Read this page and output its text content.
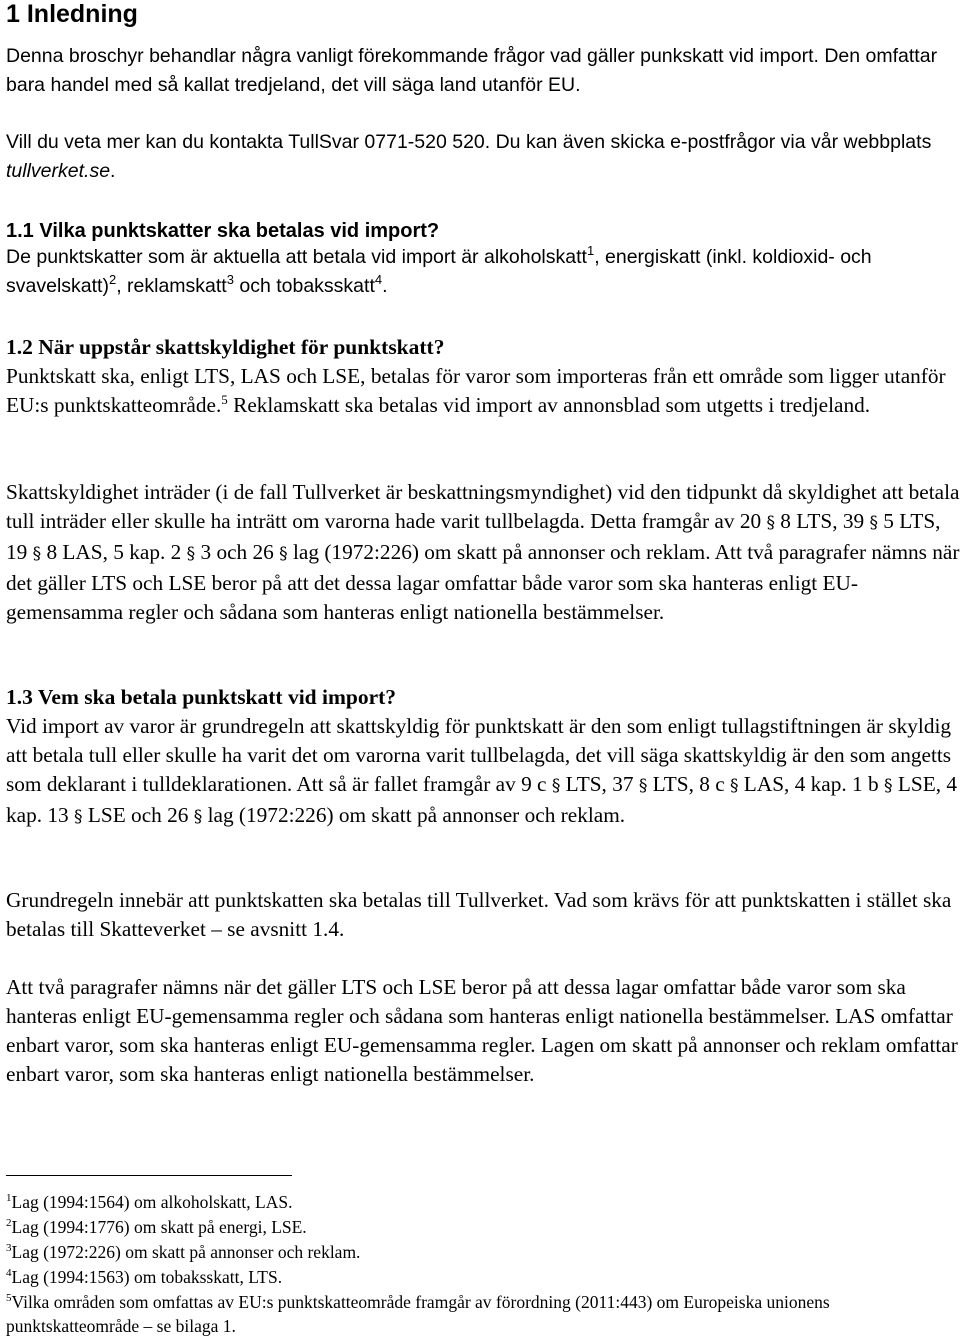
1 Inledning

Denna broschyr behandlar några vanligt förekommande frågor vad gäller punkskatt vid import. Den omfattar bara handel med så kallat tredjeland, det vill säga land utanför EU.

Vill du veta mer kan du kontakta TullSvar 0771-520 520. Du kan även skicka e-postfrågor via vår webbplats tullverket.se.

1.1 Vilka punktskatter ska betalas vid import?

De punktskatter som är aktuella att betala vid import är alkoholskatt$^1$, energiskatt (inkl. koldioxid- och svavelskatt)$^2$, reklamskatt$^3$ och tobaksskatt$^4$.

1.2 När uppstår skattskyldighet för punktskatt?

Punktskatt ska, enligt LTS, LAS och LSE, betalas för varor som importeras från ett område som ligger utanför EU:s punktskatteområde.$^5$ Reklamskatt ska betalas vid import av annonsblad som utgetts i tredjeland.

Skattskyldighet inträder (i de fall Tullverket är beskattningsmyndighet) vid den tidpunkt då skyldighet att betala tull inträder eller skulle ha inträtt om varorna hade varit tullbelagda. Detta framgår av 20 § 8 LTS, 39 § 5 LTS, 19 § 8 LAS, 5 kap. 2 § 3 och 26 § lag (1972:226) om skatt på annonser och reklam. Att två paragrafer nämns när det gäller LTS och LSE beror på att det dessa lagar omfattar både varor som ska hanteras enligt EU-gemensamma regler och sådana som hanteras enligt nationella bestämmelser.

1.3 Vem ska betala punktskatt vid import?

Vid import av varor är grundregeln att skattskyldig för punktskatt är den som enligt tullagstiftningen är skyldig att betala tull eller skulle ha varit det om varorna varit tullbelagda, det vill säga skattskyldig är den som angetts som deklarant i tulldeklarationen. Att så är fallet framgår av 9 c § LTS, 37 § LTS, 8 c § LAS, 4 kap. 1 b § LSE, 4 kap. 13 § LSE och 26 § lag (1972:226) om skatt på annonser och reklam.

Grundregeln innebär att punktskatten ska betalas till Tullverket. Vad som krävs för att punktskatten i stället ska betalas till Skatteverket – se avsnitt 1.4.

Att två paragrafer nämns när det gäller LTS och LSE beror på att dessa lagar omfattar både varor som ska hanteras enligt EU-gemensamma regler och sådana som hanteras enligt nationella bestämmelser. LAS omfattar enbart varor, som ska hanteras enligt EU-gemensamma regler. Lagen om skatt på annonser och reklam omfattar enbart varor, som ska hanteras enligt nationella bestämmelser.

$^1$Lag (1994:1564) om alkoholskatt, LAS.

$^2$Lag (1994:1776) om skatt på energi, LSE.

$^3$Lag (1972:226) om skatt på annonser och reklam.

$^4$Lag (1994:1563) om tobaksskatt, LTS.

$^5$Vilka områden som omfattas av EU:s punktskatteområde framgår av förordning (2011:443) om Europeiska unionens punktskatteområde – se bilaga 1.
